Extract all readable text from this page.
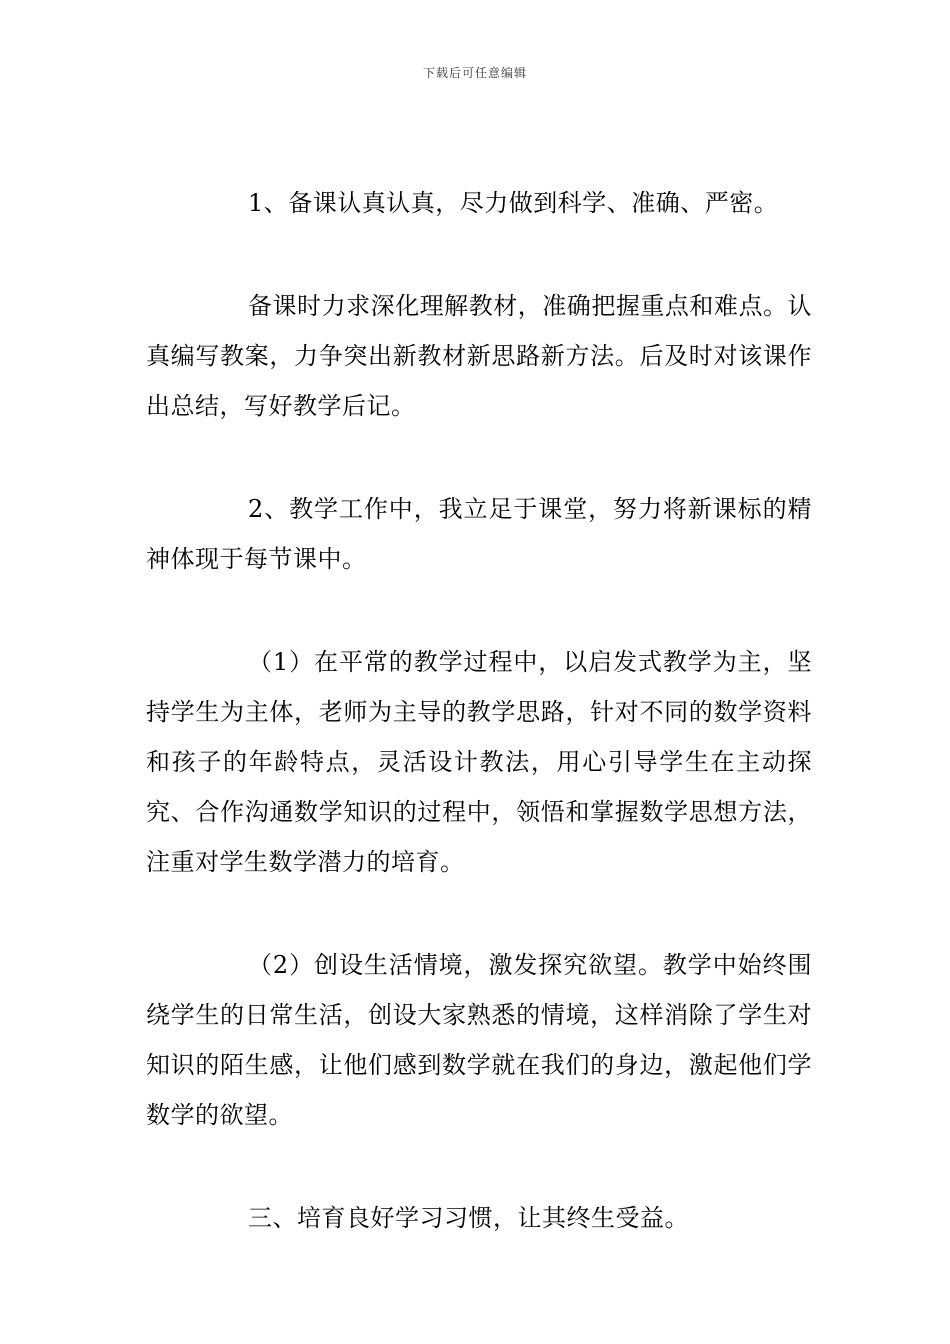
下载后可任意编辑

1、备课认真认真，尽力做到科学、准确、严密。

备课时力求深化理解教材，准确把握重点和难点。认真编写教案，力争突出新教材新思路新方法。后及时对该课作出总结，写好教学后记。

2、教学工作中，我立足于课堂，努力将新课标的精神体现于每节课中。

（1）在平常的教学过程中，以启发式教学为主，坚持学生为主体，老师为主导的教学思路，针对不同的数学资料和孩子的年龄特点，灵活设计教法，用心引导学生在主动探究、合作沟通数学知识的过程中，领悟和掌握数学思想方法，注重对学生数学潜力的培育。

（2）创设生活情境，激发探究欲望。教学中始终围绕学生的日常生活，创设大家熟悉的情境，这样消除了学生对知识的陌生感，让他们感到数学就在我们的身边，激起他们学数学的欲望。

三、培育良好学习习惯，让其终生受益。
